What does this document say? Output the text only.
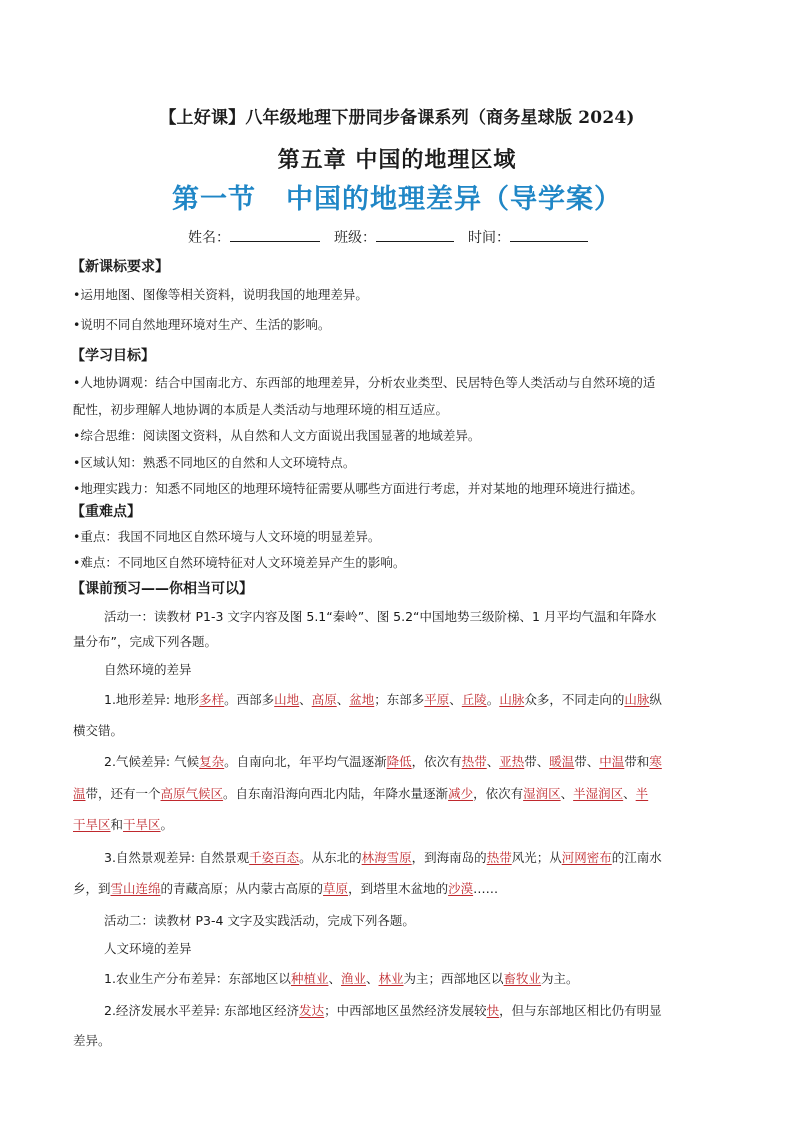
【上好课】八年级地理下册同步备课系列（商务星球版 2024)
第五章 中国的地理区域
第一节 中国的地理差异（导学案）
姓名：	班级：	时间：
【新课标要求】
•运用地图、图像等相关资料，说明我国的地理差异。
•说明不同自然地理环境对生产、生活的影响。
【学习目标】
•人地协调观：结合中国南北方、东西部的地理差异，分析农业类型、民居特色等人类活动与自然环境的适
配性，初步理解人地协调的本质是人类活动与地理环境的相互适应。
•综合思维：阅读图文资料，从自然和人文方面说出我国显著的地域差异。
•区域认知：熟悉不同地区的自然和人文环境特点。
•地理实践力：知悉不同地区的地理环境特征需要从哪些方面进行考虑，并对某地的地理环境进行描述。
【重难点】
•重点：我国不同地区自然环境与人文环境的明显差异。
•难点：不同地区自然环境特征对人文环境差异产生的影响。
【课前预习——你相当可以】
活动一：读教材 P1-3 文字内容及图 5.1“秦岭”、图 5.2“中国地势三级阶梯、1 月平均气温和年降水
量分布”，完成下列各题。
自然环境的差异
1.地形差异: 地形多样。西部多山地、高原、盆地；东部多平原、丘陵。山脉众多，不同走向的山脉纵
横交错。
2.气候差异: 气候复杂。自南向北，年平均气温逐渐降低，依次有热带、亚热带、暖温带、中温带和寒
温带，还有一个高原气候区。自东南沿海向西北内陆，年降水量逐渐减少，依次有湿润区、半湿润区、半
干旱区和干旱区。
3.自然景观差异: 自然景观千姿百态。从东北的林海雪原，到海南岛的热带风光；从河网密布的江南水
乡，到雪山连绵的青藏高原；从内蒙古高原的草原，到塔里木盆地的沙漠……
活动二：读教材 P3-4 文字及实践活动，完成下列各题。
人文环境的差异
1.农业生产分布差异：东部地区以种植业、渔业、林业为主；西部地区以畜牧业为主。
2.经济发展水平差异: 东部地区经济发达；中西部地区虽然经济发展较快，但与东部地区相比仍有明显
差异。
